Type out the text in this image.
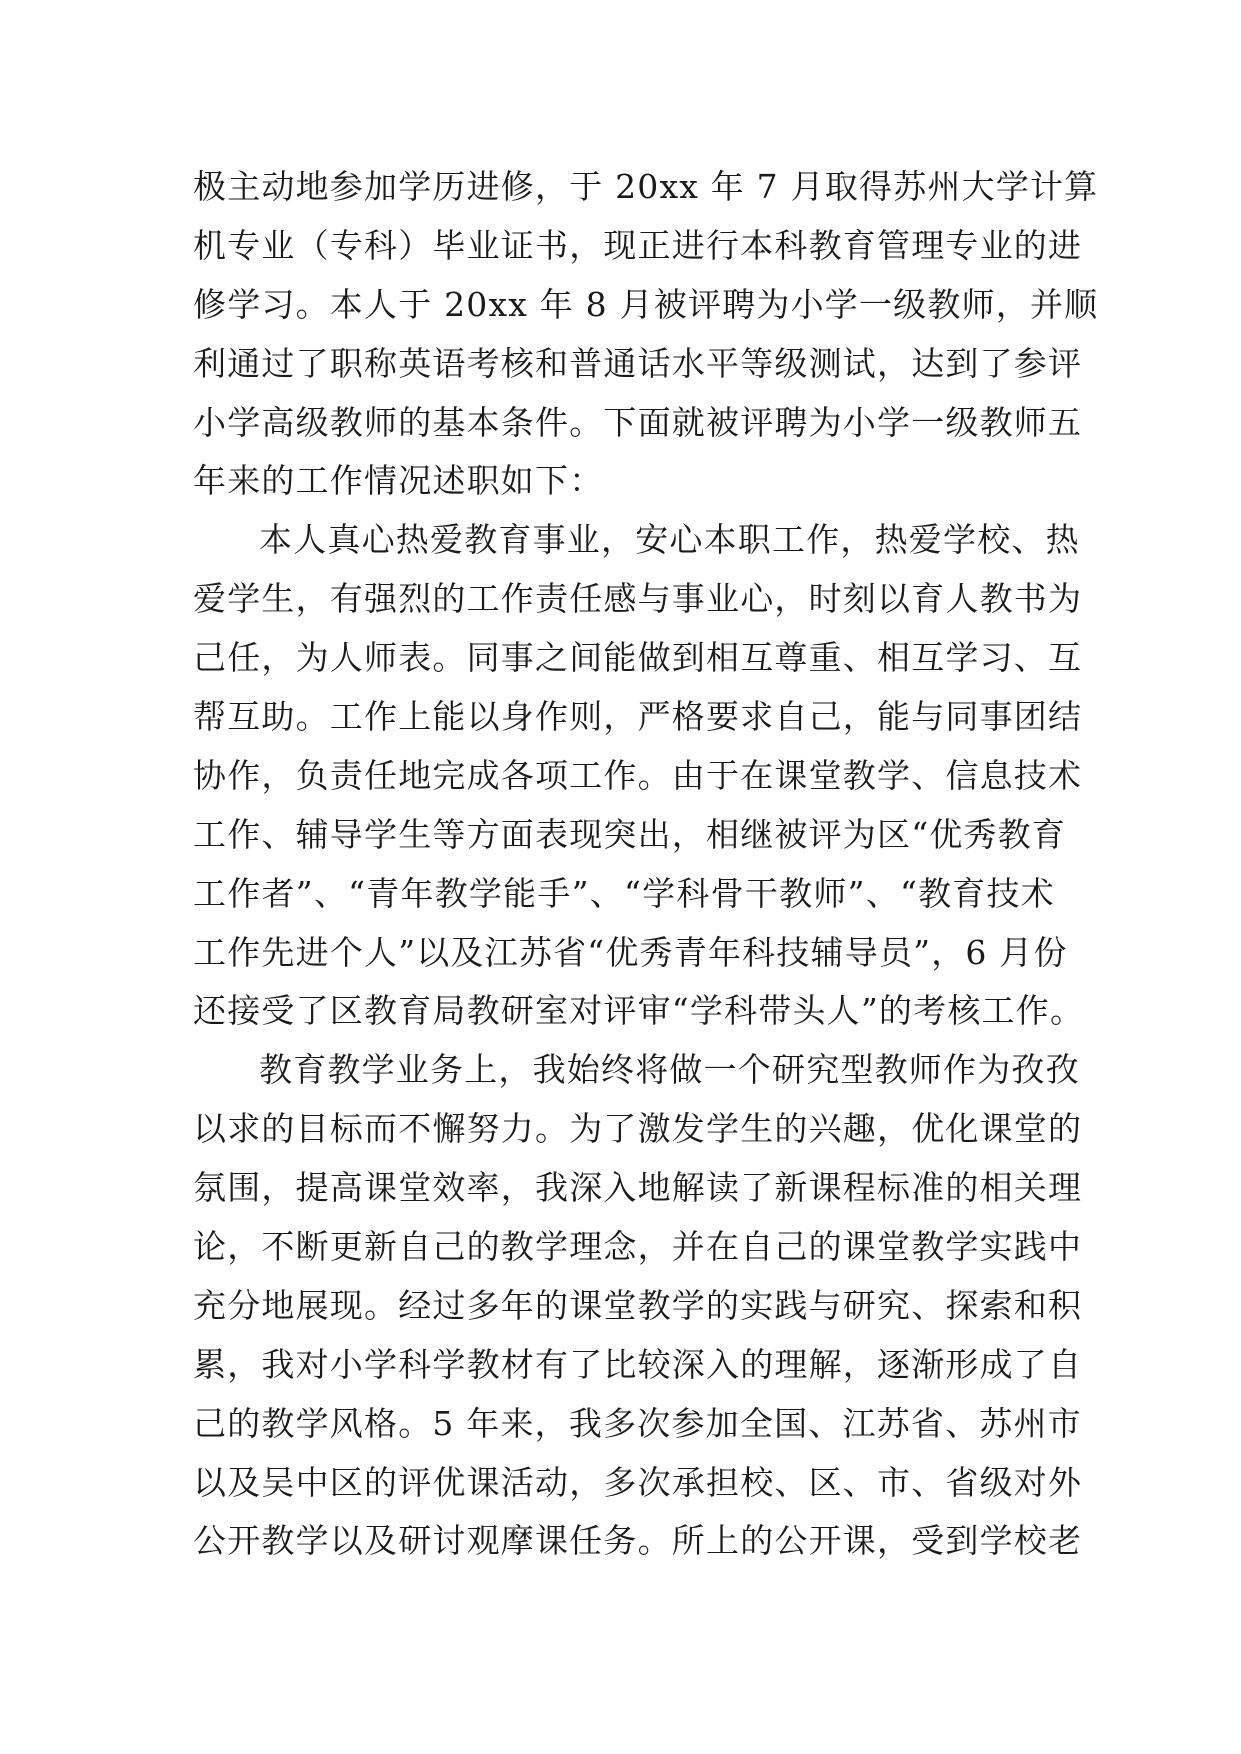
极主动地参加学历进修，于 20xx 年 7 月取得苏州大学计算
机专业（专科）毕业证书，现正进行本科教育管理专业的进
修学习。本人于 20xx 年 8 月被评聘为小学一级教师，并顺
利通过了职称英语考核和普通话水平等级测试，达到了参评
小学高级教师的基本条件。下面就被评聘为小学一级教师五
年来的工作情况述职如下：
本人真心热爱教育事业，安心本职工作，热爱学校、热
爱学生，有强烈的工作责任感与事业心，时刻以育人教书为
己任，为人师表。同事之间能做到相互尊重、相互学习、互
帮互助。工作上能以身作则，严格要求自己，能与同事团结
协作，负责任地完成各项工作。由于在课堂教学、信息技术
工作、辅导学生等方面表现突出，相继被评为区“优秀教育
工作者”、“青年教学能手”、“学科骨干教师”、“教育技术
工作先进个人”以及江苏省“优秀青年科技辅导员”，6 月份
还接受了区教育局教研室对评审“学科带头人”的考核工作。
教育教学业务上，我始终将做一个研究型教师作为孜孜
以求的目标而不懈努力。为了激发学生的兴趣，优化课堂的
氛围，提高课堂效率，我深入地解读了新课程标准的相关理
论，不断更新自己的教学理念，并在自己的课堂教学实践中
充分地展现。经过多年的课堂教学的实践与研究、探索和积
累，我对小学科学教材有了比较深入的理解，逐渐形成了自
己的教学风格。5 年来，我多次参加全国、江苏省、苏州市
以及吴中区的评优课活动，多次承担校、区、市、省级对外
公开教学以及研讨观摩课任务。所上的公开课，受到学校老
